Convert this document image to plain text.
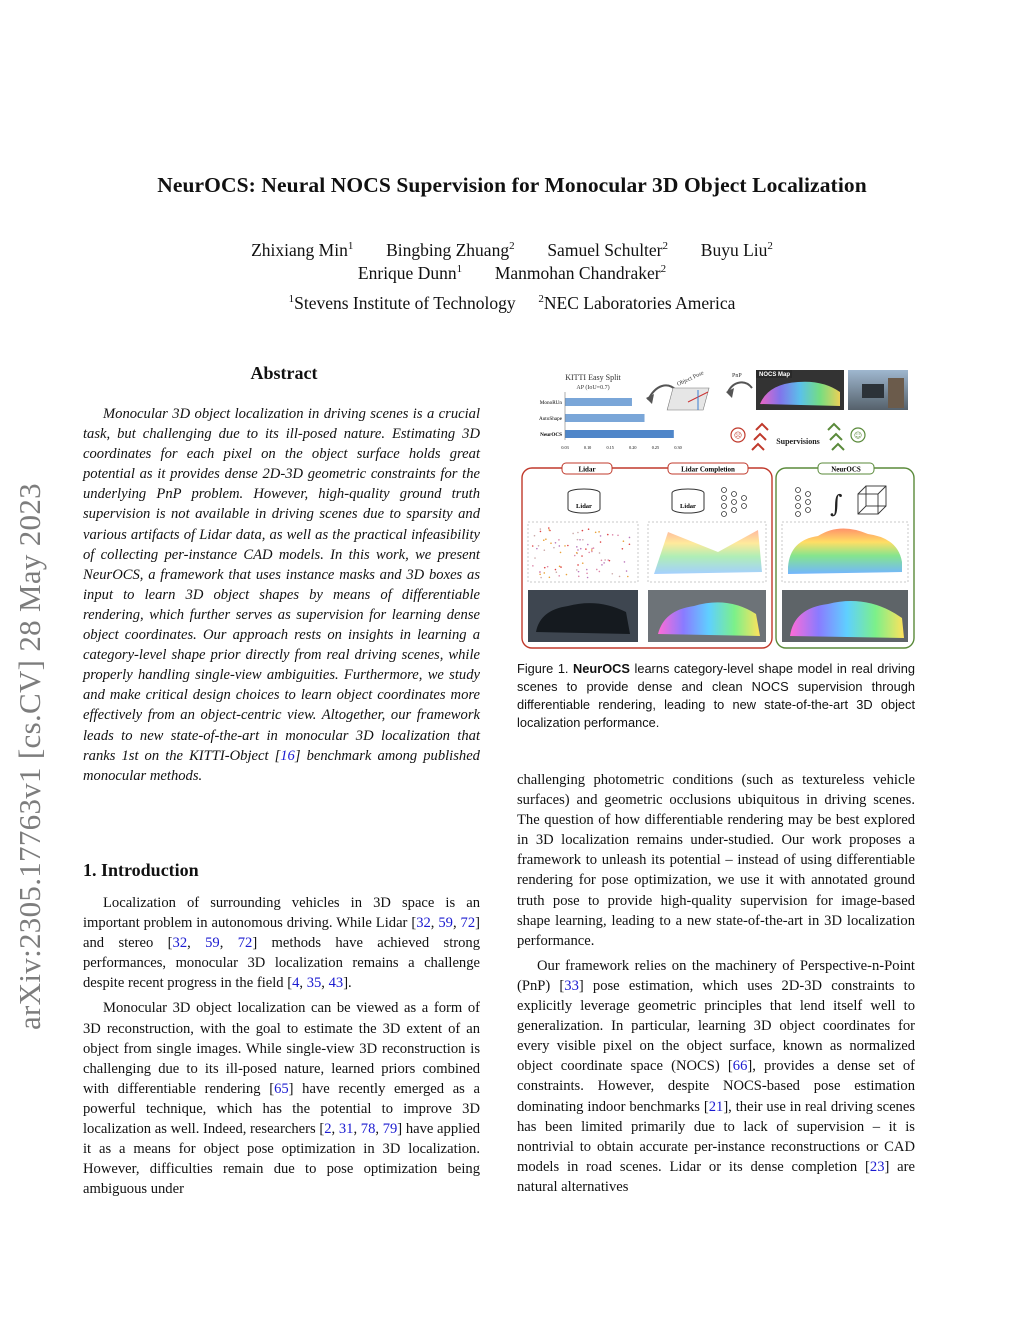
arXiv:2305.17763v1 [cs.CV] 28 May 2023
NeurOCS: Neural NOCS Supervision for Monocular 3D Object Localization
Zhixiang Min$^1$ Bingbing Zhuang$^2$ Samuel Schulter$^2$ Buyu Liu$^2$
Enrique Dunn$^1$ Manmohan Chandraker$^2$
$^1$Stevens Institute of Technology $^2$NEC Laboratories America
Abstract
Monocular 3D object localization in driving scenes is a crucial task, but challenging due to its ill-posed nature. Estimating 3D coordinates for each pixel on the object surface holds great potential as it provides dense 2D-3D geometric constraints for the underlying PnP problem. However, high-quality ground truth supervision is not available in driving scenes due to sparsity and various artifacts of Lidar data, as well as the practical infeasibility of collecting per-instance CAD models. In this work, we present NeurOCS, a framework that uses instance masks and 3D boxes as input to learn 3D object shapes by means of differentiable rendering, which further serves as supervision for learning dense object coordinates. Our approach rests on insights in learning a category-level shape prior directly from real driving scenes, while properly handling single-view ambiguities. Furthermore, we study and make critical design choices to learn object coordinates more effectively from an object-centric view. Altogether, our framework leads to new state-of-the-art in monocular 3D localization that ranks 1st on the KITTI-Object [16] benchmark among published monocular methods.
1. Introduction

Localization of surrounding vehicles in 3D space is an important problem in autonomous driving. While Lidar [32, 59, 72] and stereo [32, 59, 72] methods have achieved strong performances, monocular 3D localization remains a challenge despite recent progress in the field [4, 35, 43].

Monocular 3D object localization can be viewed as a form of 3D reconstruction, with the goal to estimate the 3D extent of an object from single images. While single-view 3D reconstruction is challenging due to its ill-posed nature, learned priors combined with differentiable rendering [65] have recently emerged as a powerful technique, which has the potential to improve 3D localization as well. Indeed, researchers [2, 31, 78, 79] have applied it as a means for object pose optimization in 3D localization. However, difficulties remain due to pose optimization being ambiguous under

KITTI Easy Split
AP (IoU=0.7)
MonoRUn
AutoShape
NeurOCS
0.03	0.10	0.15	0.20	0.25	0.30
Object Pose	PnP	NOCS Map
☹	☺
Supervisions
Lidar	Lidar Completion	NeurOCS
Lidar	Lidar	∫
Figure 1. NeurOCS learns category-level shape model in real driving scenes to provide dense and clean NOCS supervision through differentiable rendering, leading to new state-of-the-art 3D object localization performance.

challenging photometric conditions (such as textureless vehicle surfaces) and geometric occlusions ubiquitous in driving scenes. The question of how differentiable rendering may be best explored in 3D localization remains under-studied. Our work proposes a framework to unleash its potential – instead of using differentiable rendering for pose optimization, we use it with annotated ground truth pose to provide high-quality supervision for image-based shape learning, leading to a new state-of-the-art in 3D localization performance.

Our framework relies on the machinery of Perspective-n-Point (PnP) [33] pose estimation, which uses 2D-3D constraints to explicitly leverage geometric principles that lend itself well to generalization. In particular, learning 3D object coordinates for every visible pixel on the object surface, known as normalized object coordinate space (NOCS) [66], provides a dense set of constraints. However, despite NOCS-based pose estimation dominating indoor benchmarks [21], their use in real driving scenes has been limited primarily due to lack of supervision – it is nontrivial to obtain accurate per-instance reconstructions or CAD models in road scenes. Lidar or its dense completion [23] are natural alternatives
